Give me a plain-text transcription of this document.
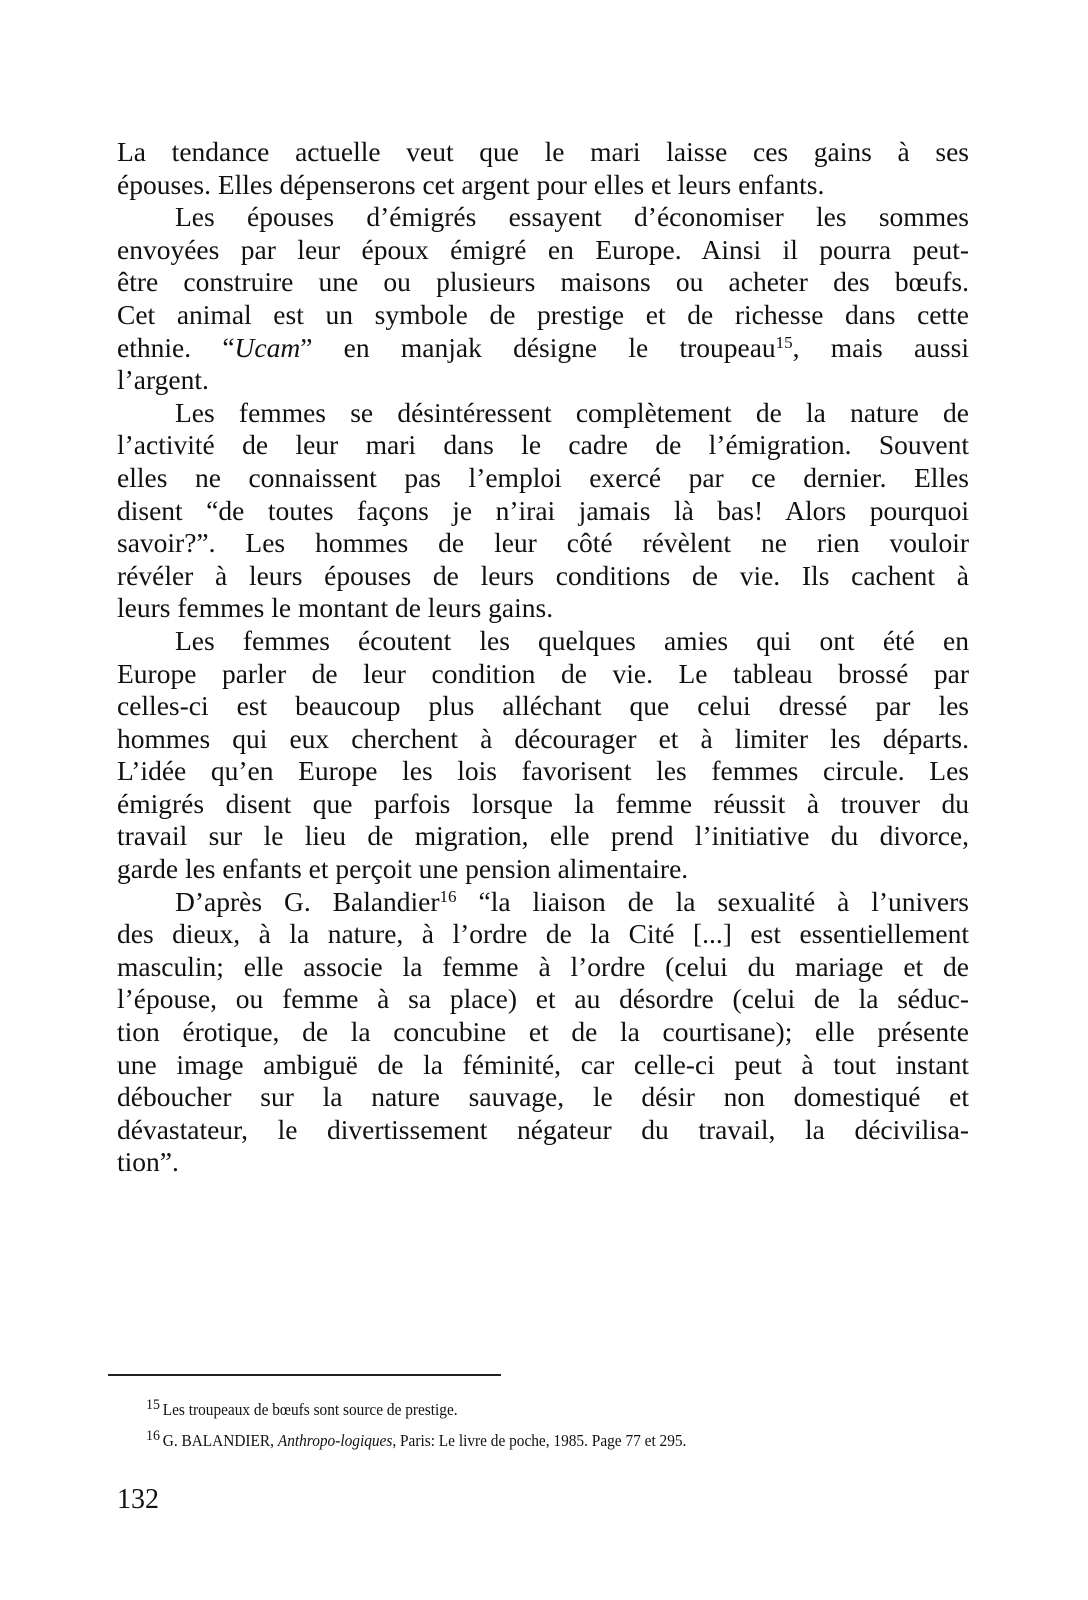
La tendance actuelle veut que le mari laisse ces gains à ses
épouses. Elles dépenserons cet argent pour elles et leurs enfants.
Les épouses d’émigrés essayent d’économiser les sommes
envoyées par leur époux émigré en Europe. Ainsi il pourra peut-
être construire une ou plusieurs maisons ou acheter des bœufs.
Cet animal est un symbole de prestige et de richesse dans cette
ethnie. “Ucam” en manjak désigne le troupeau$^{15}$, mais aussi
l’argent.
Les femmes se désintéressent complètement de la nature de
l’activité de leur mari dans le cadre de l’émigration. Souvent
elles ne connaissent pas l’emploi exercé par ce dernier. Elles
disent “de toutes façons je n’irai jamais là bas! Alors pourquoi
savoir?”. Les hommes de leur côté révèlent ne rien vouloir
révéler à leurs épouses de leurs conditions de vie. Ils cachent à
leurs femmes le montant de leurs gains.
Les femmes écoutent les quelques amies qui ont été en
Europe parler de leur condition de vie. Le tableau brossé par
celles-ci est beaucoup plus alléchant que celui dressé par les
hommes qui eux cherchent à décourager et à limiter les départs.
L’idée qu’en Europe les lois favorisent les femmes circule. Les
émigrés disent que parfois lorsque la femme réussit à trouver du
travail sur le lieu de migration, elle prend l’initiative du divorce,
garde les enfants et perçoit une pension alimentaire.
D’après G. Balandier$^{16}$ “la liaison de la sexualité à l’univers
des dieux, à la nature, à l’ordre de la Cité [...] est essentiellement
masculin; elle associe la femme à l’ordre (celui du mariage et de
l’épouse, ou femme à sa place) et au désordre (celui de la séduc-
tion érotique, de la concubine et de la courtisane); elle présente
une image ambiguë de la féminité, car celle-ci peut à tout instant
déboucher sur la nature sauvage, le désir non domestiqué et
dévastateur, le divertissement négateur du travail, la décivilisa-
tion”.
15 Les troupeaux de bœufs sont source de prestige.
16 G. BALANDIER, Anthropo-logiques, Paris: Le livre de poche, 1985. Page 77 et 295.
132
